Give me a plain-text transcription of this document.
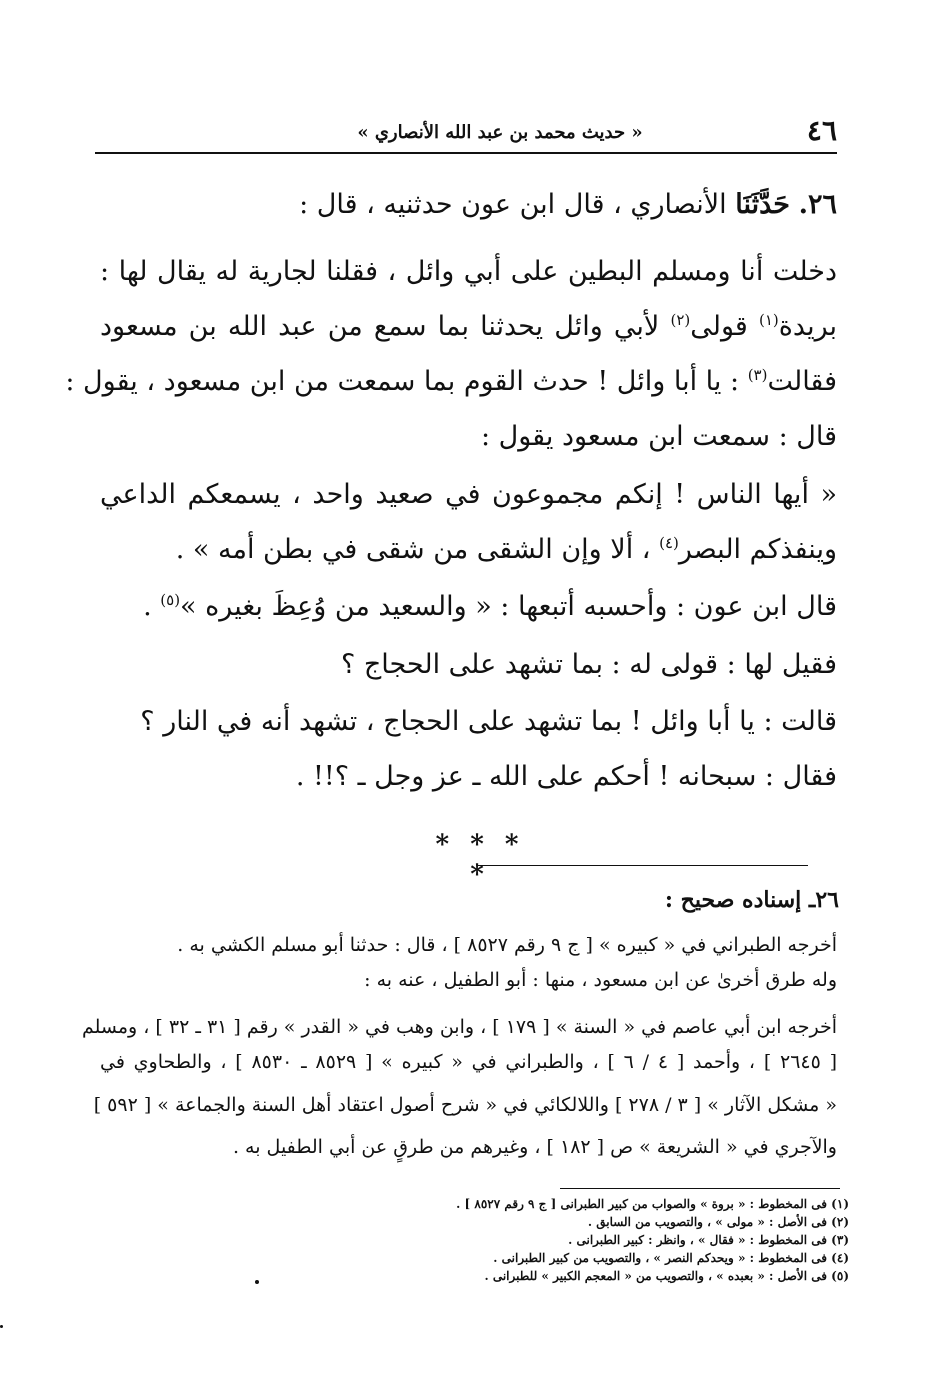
٤٦
« حديث محمد بن عبد الله الأنصاري »
٢٦. حَدَّثَنَا الأنصاري ، قال ابن عون حدثنيه ، قال :
دخلت أنا ومسلم البطين على أبي وائل ، فقلنا لجارية له يقال لها :
بريدة$^{(١)}$ قولى$^{(٢)}$ لأبي وائل يحدثنا بما سمع من عبد الله بن مسعود
فقالت$^{(٣)}$ : يا أبا وائل ! حدث القوم بما سمعت من ابن مسعود ، يقول :
قال : سمعت ابن مسعود يقول :
« أيها الناس ! إنكم مجموعون في صعيد واحد ، يسمعكم الداعي
وينفذكم البصر$^{(٤)}$ ، ألا وإن الشقى من شقى في بطن أمه » .
قال ابن عون : وأحسبه أتبعها : « والسعيد من وُعِظَ بغيره »$^{(٥)}$ .
فقيل لها : قولى له : بما تشهد على الحجاج ؟
قالت : يا أبا وائل ! بما تشهد على الحجاج ، تشهد أنه في النار ؟
فقال : سبحانه ! أحكم على الله ـ عز وجل ـ ؟!! .
* * * *
٢٦ـ إسناده صحيح :
أخرجه الطبراني في « كبيره » [ ج ٩ رقم ٨٥٢٧ ] ، قال : حدثنا أبو مسلم الكشي به .
وله طرق أخرىٰ عن ابن مسعود ، منها : أبو الطفيل ، عنه به :
أخرجه ابن أبي عاصم في « السنة » [ ١٧٩ ] ، وابن وهب في « القدر » رقم [ ٣١ ـ ٣٢ ] ، ومسلم
[ ٢٦٤٥ ] ، وأحمد [ ٤ / ٦ ] ، والطبراني في « كبيره » [ ٨٥٢٩ ـ ٨٥٣٠ ] ، والطحاوي في
« مشكل الآثار » [ ٣ / ٢٧٨ ] واللالكائي في « شرح أصول اعتقاد أهل السنة والجماعة » [ ٥٩٢ ]
والآجري في « الشريعة » ص [ ١٨٢ ] ، وغيرهم من طرقٍ عن أبي الطفيل به .
(١) فى المخطوط : « بروة » والصواب من كبير الطبرانى [ ج ٩ رقم ٨٥٢٧ ] .
(٢) فى الأصل : « مولى » ، والتصويب من السابق .
(٣) فى المخطوط : « فقال » ، وانظر : كبير الطبرانى .
(٤) فى المخطوط : « ويحدكم النصر » ، والتصويب من كبير الطبرانى .
(٥) فى الأصل : « بعبده » ، والتصويب من « المعجم الكبير » للطبرانى .
